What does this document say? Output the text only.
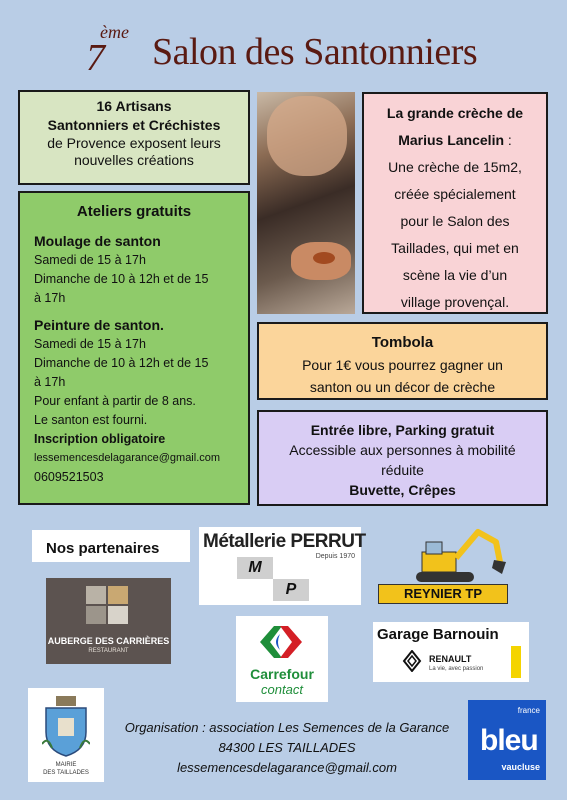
7
ème Salon des Santonniers
16 Artisans
Santonniers et Créchistes
de Provence exposent leurs
nouvelles créations
Ateliers gratuits
Moulage de santon
Samedi de 15 à 17h
Dimanche de 10 à 12h et de 15
à 17h
Peinture de santon.
Samedi de 15 à 17h
Dimanche de 10 à 12h et de 15
à 17h
Pour enfant à partir de 8 ans.
Le santon est fourni.
Inscription obligatoire
lessemencesdelagarance@gmail.com
0609521503
La grande crèche de
Marius Lancelin :
Une crèche de 15m2,
créée spécialement
pour le Salon des
Taillades, qui met en
scène la vie d’un
village provençal.
Tombola
Pour 1€ vous pourrez gagner un
santon ou un décor de crèche
Entrée libre, Parking gratuit
Accessible aux personnes à mobilité
réduite
Buvette, Crêpes
Nos partenaires	Métallerie PERRUT
Depuis 1970
M
P	REYNIER TP
AUBERGE DES CARRIÈRES
RESTAURANT
Carrefour
contact
Garage Barnouin
RENAULT
La vie, avec passion
MAIRIE
DES TAILLADES
Organisation : association Les Semences de la Garance
84300 LES TAILLADES
lessemencesdelagarance@gmail.com
france
bleu
vaucluse
